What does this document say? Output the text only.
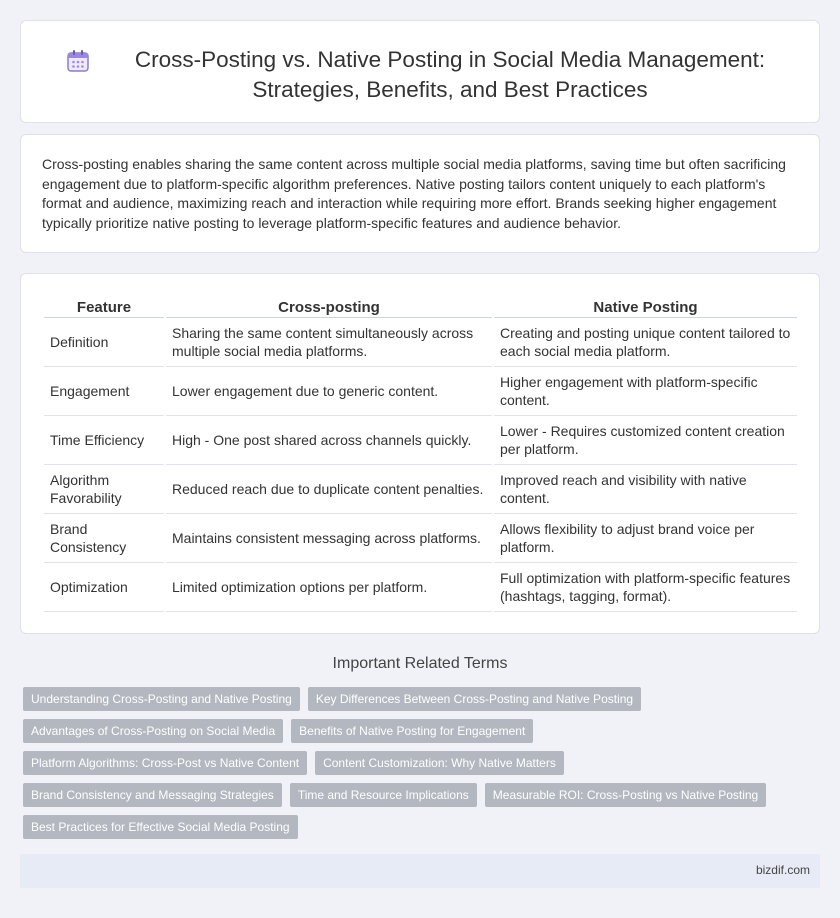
Cross-Posting vs. Native Posting in Social Media Management: Strategies, Benefits, and Best Practices

Cross-posting enables sharing the same content across multiple social media platforms, saving time but often sacrificing engagement due to platform-specific algorithm preferences. Native posting tailors content uniquely to each platform's format and audience, maximizing reach and interaction while requiring more effort. Brands seeking higher engagement typically prioritize native posting to leverage platform-specific features and audience behavior.

Feature	Cross-posting	Native Posting
Definition	Sharing the same content simultaneously across multiple social media platforms.	Creating and posting unique content tailored to each social media platform.
Engagement	Lower engagement due to generic content.	Higher engagement with platform-specific content.
Time Efficiency	High - One post shared across channels quickly.	Lower - Requires customized content creation per platform.
Algorithm Favorability	Reduced reach due to duplicate content penalties.	Improved reach and visibility with native content.
Brand Consistency	Maintains consistent messaging across platforms.	Allows flexibility to adjust brand voice per platform.
Optimization	Limited optimization options per platform.	Full optimization with platform-specific features (hashtags, tagging, format).
Important Related Terms
Understanding Cross-Posting and Native Posting	Key Differences Between Cross-Posting and Native Posting
Advantages of Cross-Posting on Social Media	Benefits of Native Posting for Engagement
Platform Algorithms: Cross-Post vs Native Content	Content Customization: Why Native Matters
Brand Consistency and Messaging Strategies	Time and Resource Implications	Measurable ROI: Cross-Posting vs Native Posting
Best Practices for Effective Social Media Posting
bizdif.com
